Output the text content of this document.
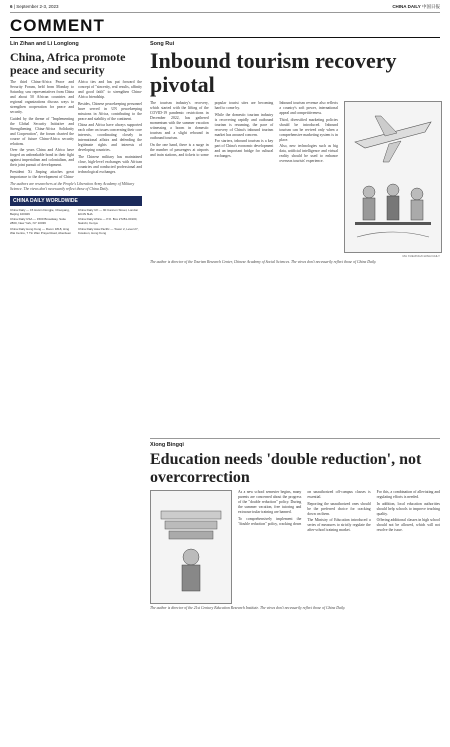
6 | September 2-3, 2023	CHINA DAILY 中国日报
COMMENT
Lin Zihan and Li Longlong
China, Africa promote peace and security

The third China-Africa Peace and Security Forum, held from Monday to Saturday, saw representatives from China and about 50 African countries and regional organizations discuss ways to strengthen cooperation for peace and security.

Guided by the theme of "Implementing the Global Security Initiative and Strengthening China-Africa Solidarity and Cooperation", the forum charted the course of future China-Africa security relations.

Over the years China and Africa have forged an unbreakable bond in their fight against imperialism and colonialism, and their joint pursuit of development.

President Xi Jinping attaches great importance to the development of China-Africa ties and has put forward the concept of "sincerity, real results, affinity and good faith" to strengthen China-Africa friendship.

Besides, Chinese peacekeeping personnel have served in UN peacekeeping missions in Africa, contributing to the peace and stability of the continent.

China and Africa have always supported each other on issues concerning their core interests, coordinating closely in international affairs and defending the legitimate rights and interests of developing countries.

The Chinese military has maintained close, high-level exchanges with African countries and conducted professional and technological exchanges.

The authors are researchers at the People's Liberation Army Academy of Military Science. The views don't necessarily reflect those of China Daily.
CHINA DAILY WORLDWIDE

China Daily — 15 Huixin Dongjie, Chaoyang, Beijing 100029

China Daily USA — 1500 Broadway, Suite 2800, New York, NY 10036

China Daily Hong Kong — Room 1818, Hing Wai Centre, 7 Tin Wan Praya Road, Aberdeen

China Daily UK — 90 Cannon Street, London EC4N 6HA

China Daily Africa — P.O. Box 27281-00100, Nairobi, Kenya

China Daily Asia Pacific — Tower 2, Level 27, Kowloon, Hong Kong

Song Rui
Inbound tourism recovery pivotal

The tourism industry's recovery, which started with the lifting of the COVID-19 pandemic restrictions in December 2022, has gathered momentum with the summer vacation witnessing a boom in domestic tourism and a slight rebound in outbound tourism.

On the one hand, there is a surge in the number of passengers at airports and train stations, and tickets to some popular tourist sites are becoming hard to come by.

While the domestic tourism industry is recovering rapidly and outbound tourism is resuming, the pace of recovery of China's inbound tourism market has aroused concern.

For starters, inbound tourism is a key part of China's economic development and an important bridge for cultural exchanges.

Inbound tourism revenue also reflects a country's soft power, international appeal and competitiveness.

Third, diversified marketing policies should be introduced. Inbound tourism can be revived only when a comprehensive marketing system is in place.

Also, new technologies such as big data, artificial intelligence and virtual reality should be used to enhance overseas tourists' experience.

MA XUEJING/CHINA DAILY
The author is director of the Tourism Research Center, Chinese Academy of Social Sciences. The views don't necessarily reflect those of China Daily.
Xiong Bingqi
Education needs 'double reduction', not overcorrection

As a new school semester begins, many parents are concerned about the progress of the "double reduction" policy. During the summer vacation, free tutoring and extracurricular training are banned.

To comprehensively implement the "double reduction" policy, cracking down on unauthorized off-campus classes is essential.

Reporting the unauthorized ones should be the preferred choice for cracking down on them.

The Ministry of Education introduced a series of measures to strictly regulate the after-school training market.

For this, a combination of alleviating and regulating efforts is needed.

In addition, local education authorities should help schools to improve teaching quality.

Offering additional classes in high school should not be allowed, which will not resolve the issue.

The author is director of the 21st Century Education Research Institute. The views don't necessarily reflect those of China Daily.
